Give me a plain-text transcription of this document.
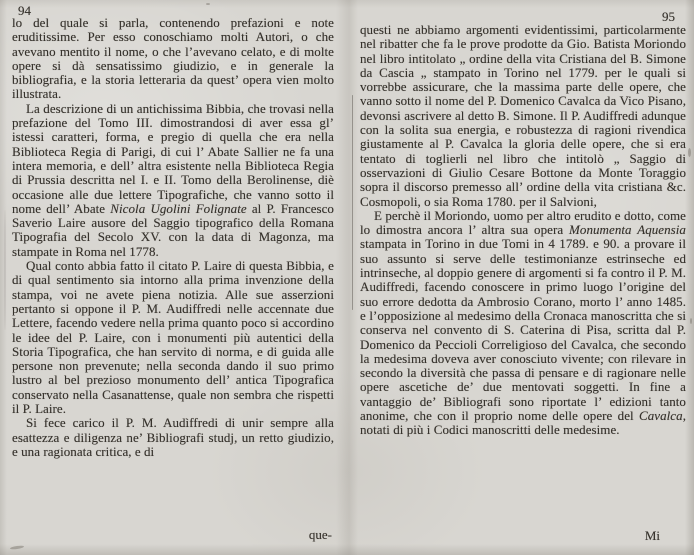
94	95

lo del quale si parla, contenendo prefazioni e note eruditissime. Per esso conoschiamo molti Autori, o che avevano mentito il nome, o che l’avevano celato, e di molte opere si dà sensatissimo giudizio, e in generale la bibliografia, e la storia letteraria da quest’ opera vien molto illustrata.

La descrizione di un antichissima Bibbia, che trovasi nella prefazione del Tomo III. dimostrandosi di aver essa gl’ istessi caratteri, forma, e pregio di quella che era nella Biblioteca Regia di Parigi, di cui l’ Abate Sallier ne fa una intera memoria, e dell’ altra esistente nella Biblioteca Regia di Prussia descritta nel I. e II. Tomo della Berolinense, diè occasione alle due lettere Tipografiche, che vanno sotto il nome dell’ Abate Nicola Ugolini Folignate al P. Francesco Saverio Laire ausore del Saggio tipografico della Romana Tipografia del Secolo XV. con la data di Magonza, ma stampate in Roma nel 1778.

Qual conto abbia fatto il citato P. Laire di questa Bibbia, e di qual sentimento sia intorno alla prima invenzione della stampa, voi ne avete piena notizia. Alle sue asserzioni pertanto si oppone il P. M. Audiffredi nelle accennate due Lettere, facendo vedere nella prima quanto poco si accordino le idee del P. Laire, con i monumenti più autentici della Storia Tipografica, che han servito di norma, e di guida alle persone non prevenute; nella seconda dando il suo primo lustro al bel prezioso monumento dell’ antica Tipografica conservato nella Casanattense, quale non sembra che rispetti il P. Laire.

Si fece carico il P. M. Audìffredi di unir sempre alla esattezza e diligenza ne’ Bibliografi studj, un retto giudizio, e una ragionata critica, e di

questi ne abbiamo argomenti evidentissimi, particolarmente nel ribatter che fa le prove prodotte da Gio. Batista Moriondo nel libro intitolato „ ordine della vita Cristiana del B. Simone da Cascia „ stampato in Torino nel 1779. per le quali si vorrebbe assicurare, che la massima parte delle opere, che vanno sotto il nome del P. Domenico Cavalca da Vico Pisano, devonsi ascrivere al detto B. Simone. Il P. Audiffredi adunque con la solita sua energia, e robustezza di ragioni rivendica giustamente al P. Cavalca la gloria delle opere, che si era tentato di toglierli nel libro che intitolò „ Saggio di osservazioni di Giulio Cesare Bottone da Monte Toraggio sopra il discorso premesso all’ ordine della vita cristiana &c. Cosmopoli, o sia Roma 1780. per il Salvioni,

E perchè il Moriondo, uomo per altro erudito e dotto, come lo dimostra ancora l’ altra sua opera Monumenta Aquensia stampata in Torino in due Tomi in 4 1789. e 90. a provare il suo assunto si serve delle testimonianze estrinseche ed intrinseche, al doppio genere di argomenti si fa contro il P. M. Audiffredi, facendo conoscere in primo luogo l’origine del suo errore dedotta da Ambrosio Corano, morto l’ anno 1485. e l’opposizione al medesimo della Cronaca manoscritta che si conserva nel convento di S. Caterina di Pisa, scritta dal P. Domenico da Peccioli Correligioso del Cavalca, che secondo la medesima doveva aver conosciuto vivente; con rilevare in secondo la diversità che passa di pensare e di ragionare nelle opere ascetiche de’ due mentovati soggetti. In fine a vantaggio de’ Bibliografi sono riportate l’ edizioni tanto anonime, che con il proprio nome delle opere del Cavalca, notati di più i Codici manoscritti delle medesime.

que-	Mi
